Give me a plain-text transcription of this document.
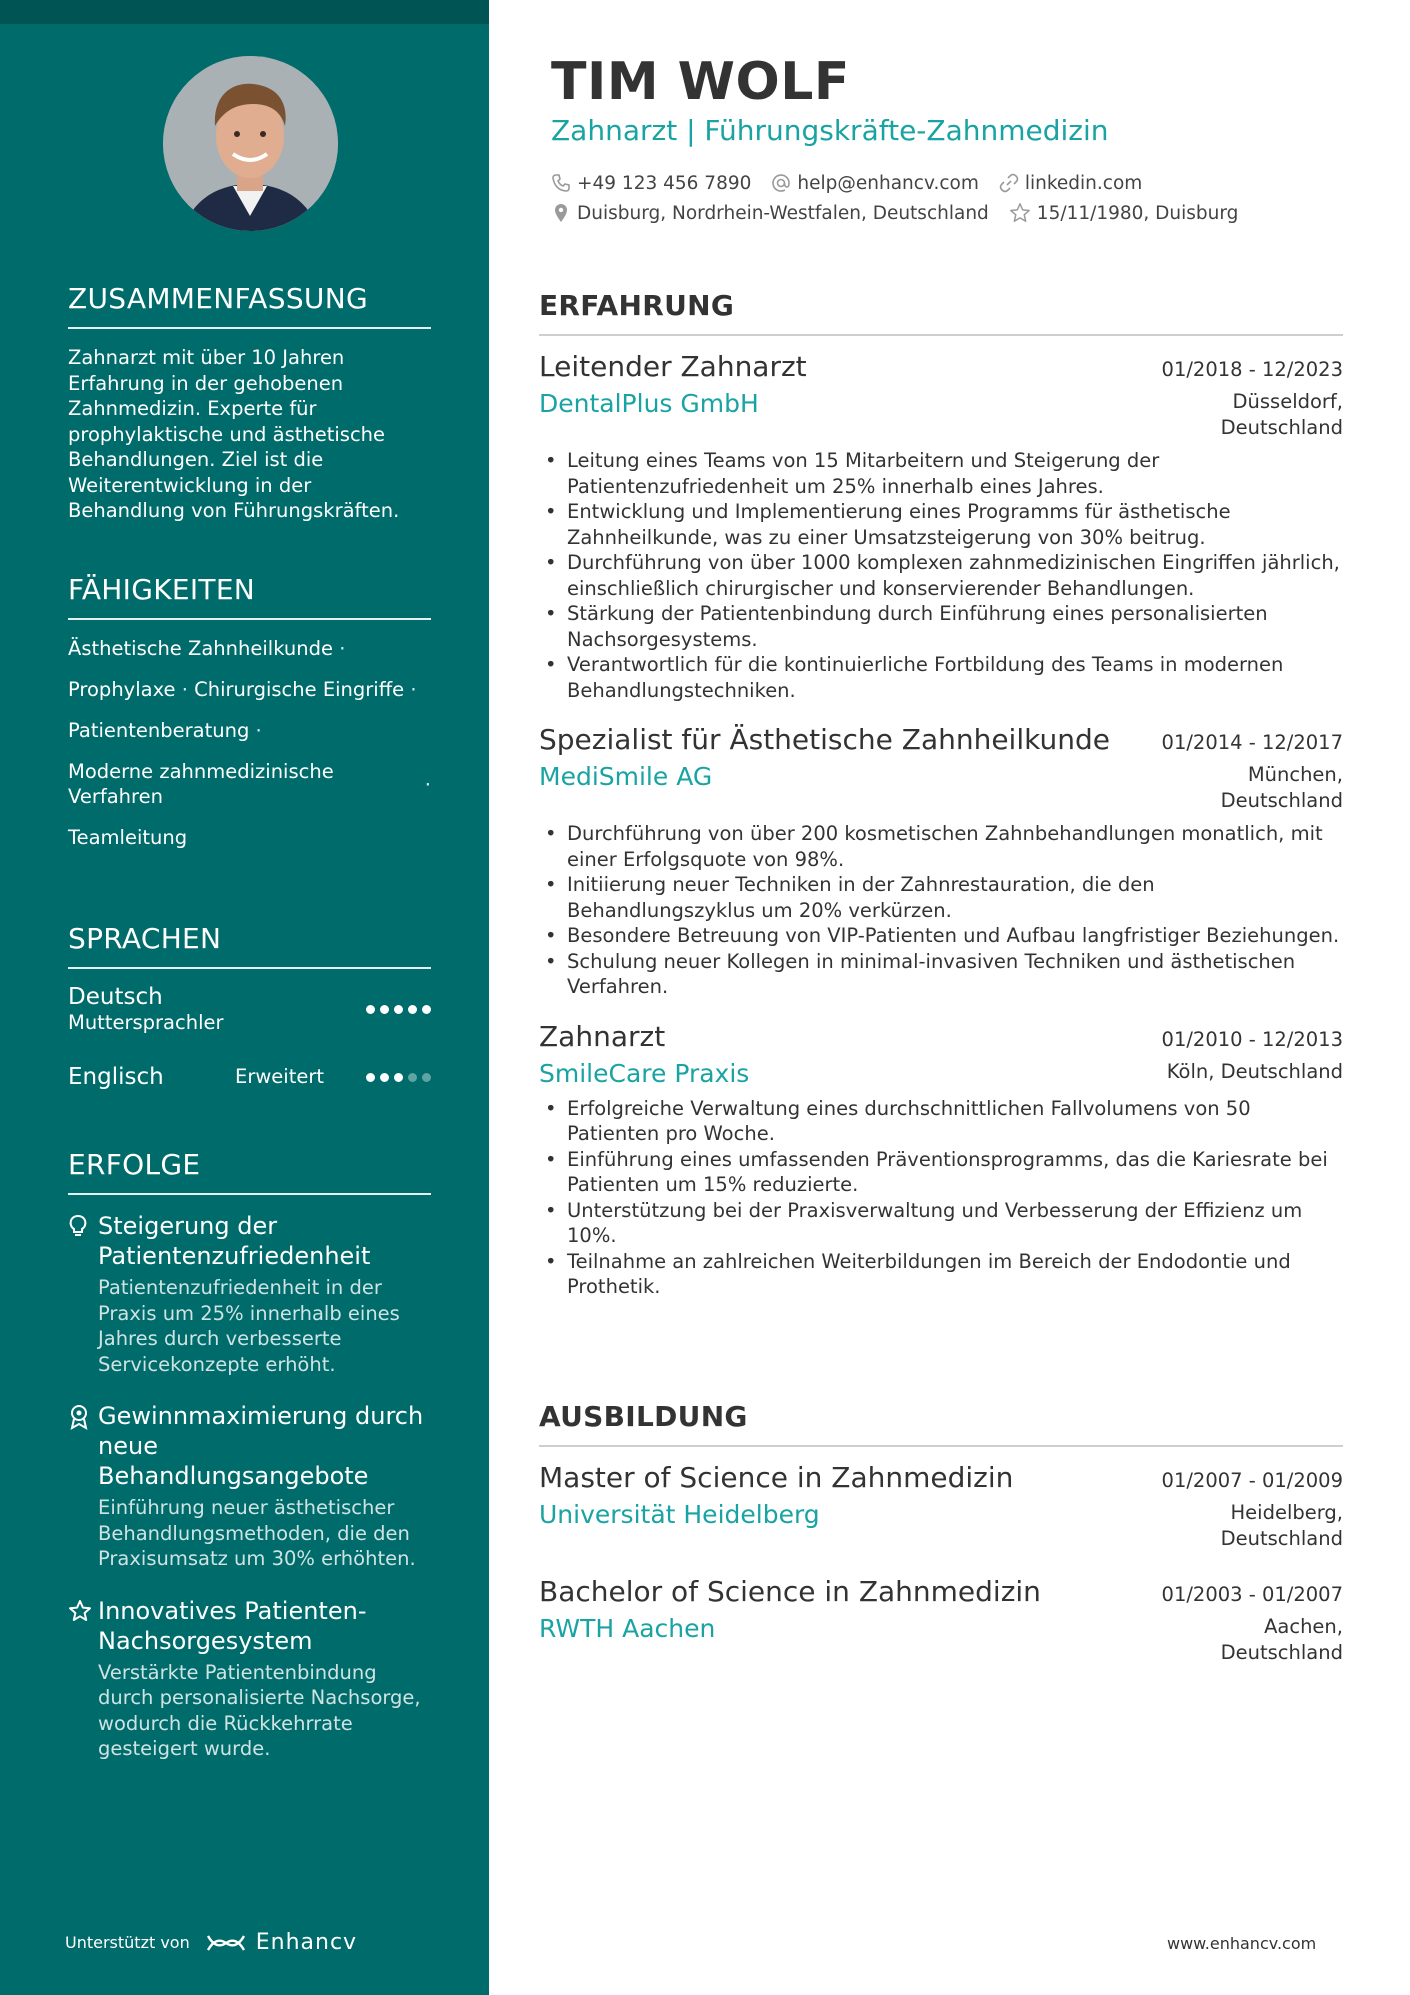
ZUSAMMENFASSUNG

Zahnarzt mit über 10 Jahren Erfahrung in der gehobenen Zahnmedizin. Experte für prophylaktische und ästhetische Behandlungen. Ziel ist die Weiterentwicklung in der Behandlung von Führungskräften.

FÄHIGKEITEN
Ästhetische Zahnheilkunde ·
Prophylaxe · Chirurgische Eingriffe ·
Patientenberatung ·
Moderne zahnmedizinische Verfahren
·
Teamleitung
SPRACHEN
Deutsch
Muttersprachler
Englisch	Erweitert
ERFOLGE
Steigerung der Patientenzufriedenheit
Patientenzufriedenheit in der Praxis um 25% innerhalb eines Jahres durch verbesserte Servicekonzepte erhöht.
Gewinnmaximierung durch neue Behandlungsangebote
Einführung neuer ästhetischer Behandlungsmethoden, die den Praxisumsatz um 30% erhöhten.
Innovatives Patienten-Nachsorgesystem
Verstärkte Patientenbindung durch personalisierte Nachsorge, wodurch die Rückkehrrate gesteigert wurde.
Unterstützt von	Enhancv
TIM WOLF
Zahnarzt | Führungskräfte-Zahnmedizin
+49 123 456 7890 help@enhancv.com linkedin.com
Duisburg, Nordrhein-Westfalen, Deutschland	15/11/1980, Duisburg
ERFAHRUNG
Leitender Zahnarzt	01/2018 - 12/2023
DentalPlus GmbH	Düsseldorf, Deutschland
• Leitung eines Teams von 15 Mitarbeitern und Steigerung der Patientenzufriedenheit um 25% innerhalb eines Jahres.
• Entwicklung und Implementierung eines Programms für ästhetische Zahnheilkunde, was zu einer Umsatzsteigerung von 30% beitrug.
• Durchführung von über 1000 komplexen zahnmedizinischen Eingriffen jährlich, einschließlich chirurgischer und konservierender Behandlungen.
• Stärkung der Patientenbindung durch Einführung eines personalisierten Nachsorgesystems.
• Verantwortlich für die kontinuierliche Fortbildung des Teams in modernen Behandlungstechniken.
Spezialist für Ästhetische Zahnheilkunde	01/2014 - 12/2017
MediSmile AG	München, Deutschland
• Durchführung von über 200 kosmetischen Zahnbehandlungen monatlich, mit einer Erfolgsquote von 98%.
• Initiierung neuer Techniken in der Zahnrestauration, die den Behandlungszyklus um 20% verkürzen.
• Besondere Betreuung von VIP-Patienten und Aufbau langfristiger Beziehungen.
• Schulung neuer Kollegen in minimal-invasiven Techniken und ästhetischen Verfahren.
Zahnarzt	01/2010 - 12/2013
SmileCare Praxis	Köln, Deutschland
• Erfolgreiche Verwaltung eines durchschnittlichen Fallvolumens von 50 Patienten pro Woche.
• Einführung eines umfassenden Präventionsprogramms, das die Kariesrate bei Patienten um 15% reduzierte.
• Unterstützung bei der Praxisverwaltung und Verbesserung der Effizienz um 10%.
• Teilnahme an zahlreichen Weiterbildungen im Bereich der Endodontie und Prothetik.
AUSBILDUNG
Master of Science in Zahnmedizin	01/2007 - 01/2009
Universität Heidelberg	Heidelberg, Deutschland
Bachelor of Science in Zahnmedizin	01/2003 - 01/2007
RWTH Aachen	Aachen, Deutschland
www.enhancv.com
